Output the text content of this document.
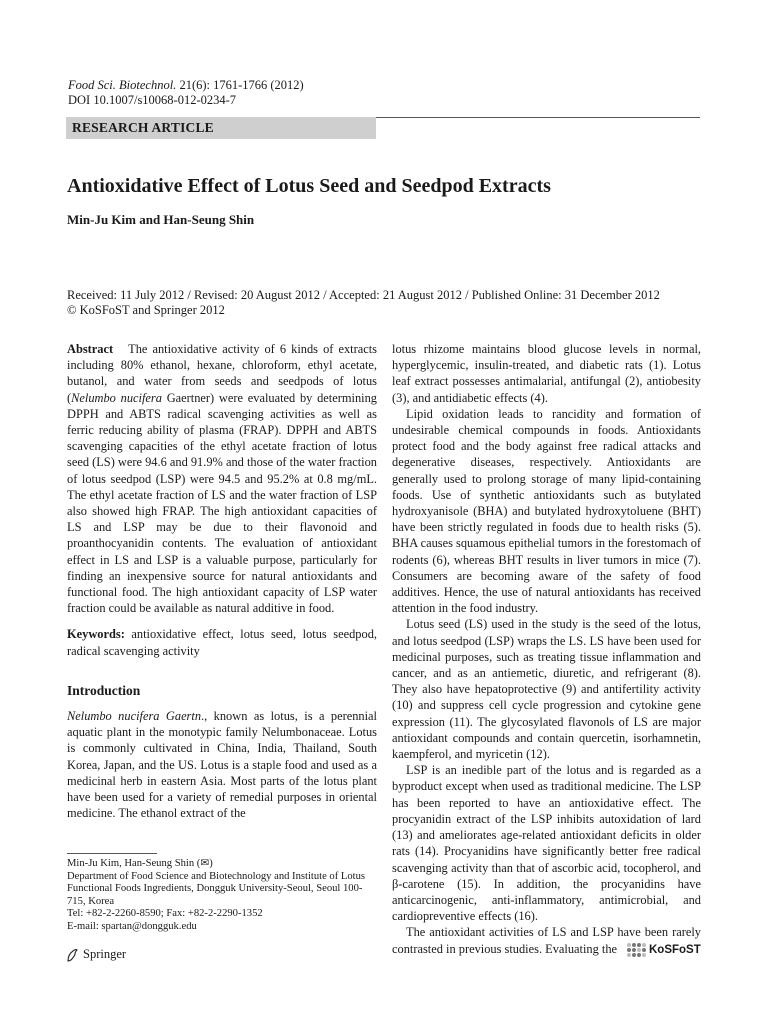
Food Sci. Biotechnol. 21(6): 1761-1766 (2012)
DOI 10.1007/s10068-012-0234-7
RESEARCH ARTICLE
Antioxidative Effect of Lotus Seed and Seedpod Extracts
Min-Ju Kim and Han-Seung Shin
Received: 11 July 2012 / Revised: 20 August 2012 / Accepted: 21 August 2012 / Published Online: 31 December 2012
© KoSFoST and Springer 2012

Abstract The antioxidative activity of 6 kinds of extracts including 80% ethanol, hexane, chloroform, ethyl acetate, butanol, and water from seeds and seedpods of lotus (Nelumbo nucifera Gaertner) were evaluated by determining DPPH and ABTS radical scavenging activities as well as ferric reducing ability of plasma (FRAP). DPPH and ABTS scavenging capacities of the ethyl acetate fraction of lotus seed (LS) were 94.6 and 91.9% and those of the water fraction of lotus seedpod (LSP) were 94.5 and 95.2% at 0.8 mg/mL. The ethyl acetate fraction of LS and the water fraction of LSP also showed high FRAP. The high antioxidant capacities of LS and LSP may be due to their flavonoid and proanthocyanidin contents. The evaluation of antioxidant effect in LS and LSP is a valuable purpose, particularly for finding an inexpensive source for natural antioxidants and functional food. The high antioxidant capacity of LSP water fraction could be available as natural additive in food.

Keywords: antioxidative effect, lotus seed, lotus seedpod, radical scavenging activity

Introduction

Nelumbo nucifera Gaertn., known as lotus, is a perennial aquatic plant in the monotypic family Nelumbonaceae. Lotus is commonly cultivated in China, India, Thailand, South Korea, Japan, and the US. Lotus is a staple food and used as a medicinal herb in eastern Asia. Most parts of the lotus plant have been used for a variety of remedial purposes in oriental medicine. The ethanol extract of the

Min-Ju Kim, Han-Seung Shin (✉)
Department of Food Science and Biotechnology and Institute of Lotus Functional Foods Ingredients, Dongguk University-Seoul, Seoul 100-715, Korea
Tel: +82-2-2260-8590; Fax: +82-2-2290-1352
E-mail: spartan@dongguk.edu

lotus rhizome maintains blood glucose levels in normal, hyperglycemic, insulin-treated, and diabetic rats (1). Lotus leaf extract possesses antimalarial, antifungal (2), antiobesity (3), and antidiabetic effects (4).

Lipid oxidation leads to rancidity and formation of undesirable chemical compounds in foods. Antioxidants protect food and the body against free radical attacks and degenerative diseases, respectively. Antioxidants are generally used to prolong storage of many lipid-containing foods. Use of synthetic antioxidants such as butylated hydroxyanisole (BHA) and butylated hydroxytoluene (BHT) have been strictly regulated in foods due to health risks (5). BHA causes squamous epithelial tumors in the forestomach of rodents (6), whereas BHT results in liver tumors in mice (7). Consumers are becoming aware of the safety of food additives. Hence, the use of natural antioxidants has received attention in the food industry.

Lotus seed (LS) used in the study is the seed of the lotus, and lotus seedpod (LSP) wraps the LS. LS have been used for medicinal purposes, such as treating tissue inflammation and cancer, and as an antiemetic, diuretic, and refrigerant (8). They also have hepatoprotective (9) and antifertility activity (10) and suppress cell cycle progression and cytokine gene expression (11). The glycosylated flavonols of LS are major antioxidant compounds and contain quercetin, isorhamnetin, kaempferol, and myricetin (12).

LSP is an inedible part of the lotus and is regarded as a byproduct except when used as traditional medicine. The LSP has been reported to have an antioxidative effect. The procyanidin extract of the LSP inhibits autoxidation of lard (13) and ameliorates age-related antioxidant deficits in older rats (14). Procyanidins have significantly better free radical scavenging activity than that of ascorbic acid, tocopherol, and β-carotene (15). In addition, the procyanidins have anticarcinogenic, anti-inflammatory, antimicrobial, and cardiopreventive effects (16).

The antioxidant activities of LS and LSP have been rarely contrasted in previous studies. Evaluating the

Springer	KoSFoST
